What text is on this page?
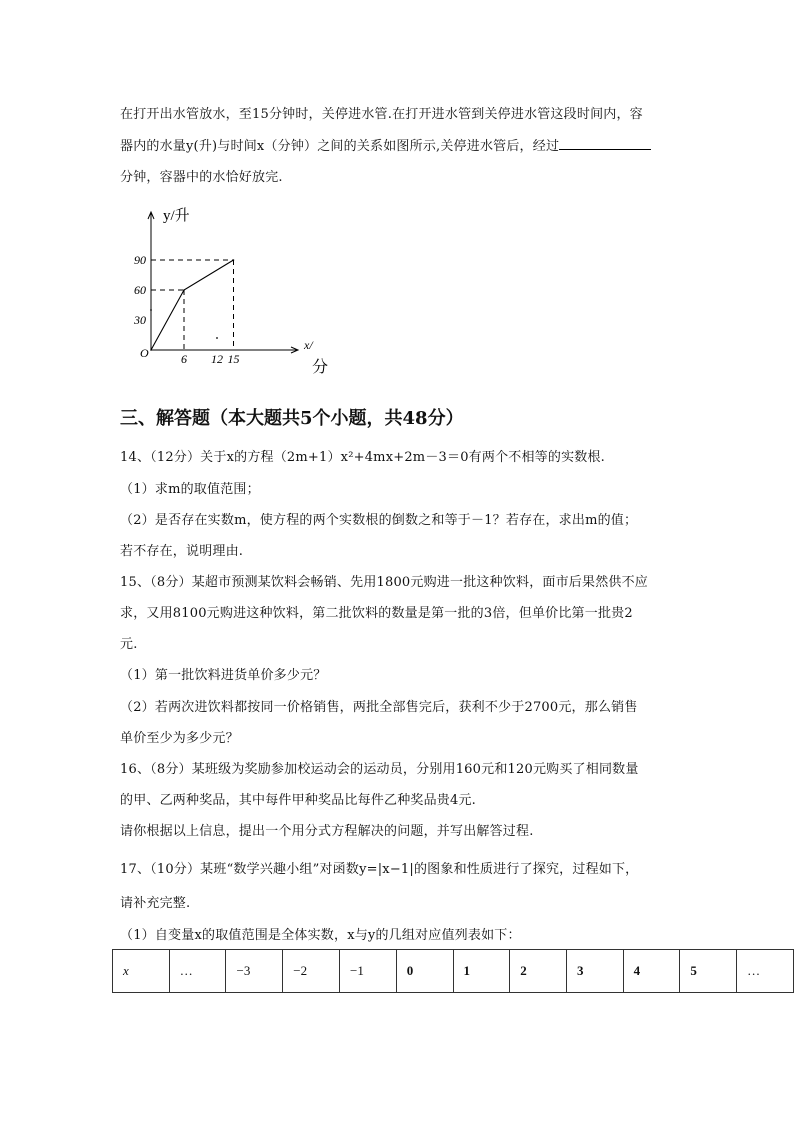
在打开出水管放水，至15分钟时，关停进水管.在打开进水管到关停进水管这段时间内，容
器内的水量y(升)与时间x（分钟）之间的关系如图所示,关停进水管后，经过
分钟，容器中的水恰好放完.
6 12 15
90
60
30
O
y/升
x/
分
三、解答题（本大题共5个小题，共48分）
14、（12分）关于x的方程（2m+1）x²+4mx+2m－3＝0有两个不相等的实数根.
（1）求m的取值范围；
（2）是否存在实数m，使方程的两个实数根的倒数之和等于－1？若存在，求出m的值；
若不存在，说明理由.
15、（8分）某超市预测某饮料会畅销、先用1800元购进一批这种饮料，面市后果然供不应
求，又用8100元购进这种饮料，第二批饮料的数量是第一批的3倍，但单价比第一批贵2
元.
（1）第一批饮料进货单价多少元？
（2）若两次进饮料都按同一价格销售，两批全部售完后，获利不少于2700元，那么销售
单价至少为多少元？
16、（8分）某班级为奖励参加校运动会的运动员，分别用160元和120元购买了相同数量
的甲、乙两种奖品，其中每件甲种奖品比每件乙种奖品贵4元.
请你根据以上信息，提出一个用分式方程解决的问题，并写出解答过程.
17、（10分）某班“数学兴趣小组”对函数y=|x−1|的图象和性质进行了探究，过程如下，
请补充完整.
（1）自变量x的取值范围是全体实数，x与y的几组对应值列表如下：
x	…	−3	−2	−1	0	1	2	3	4	5	…
